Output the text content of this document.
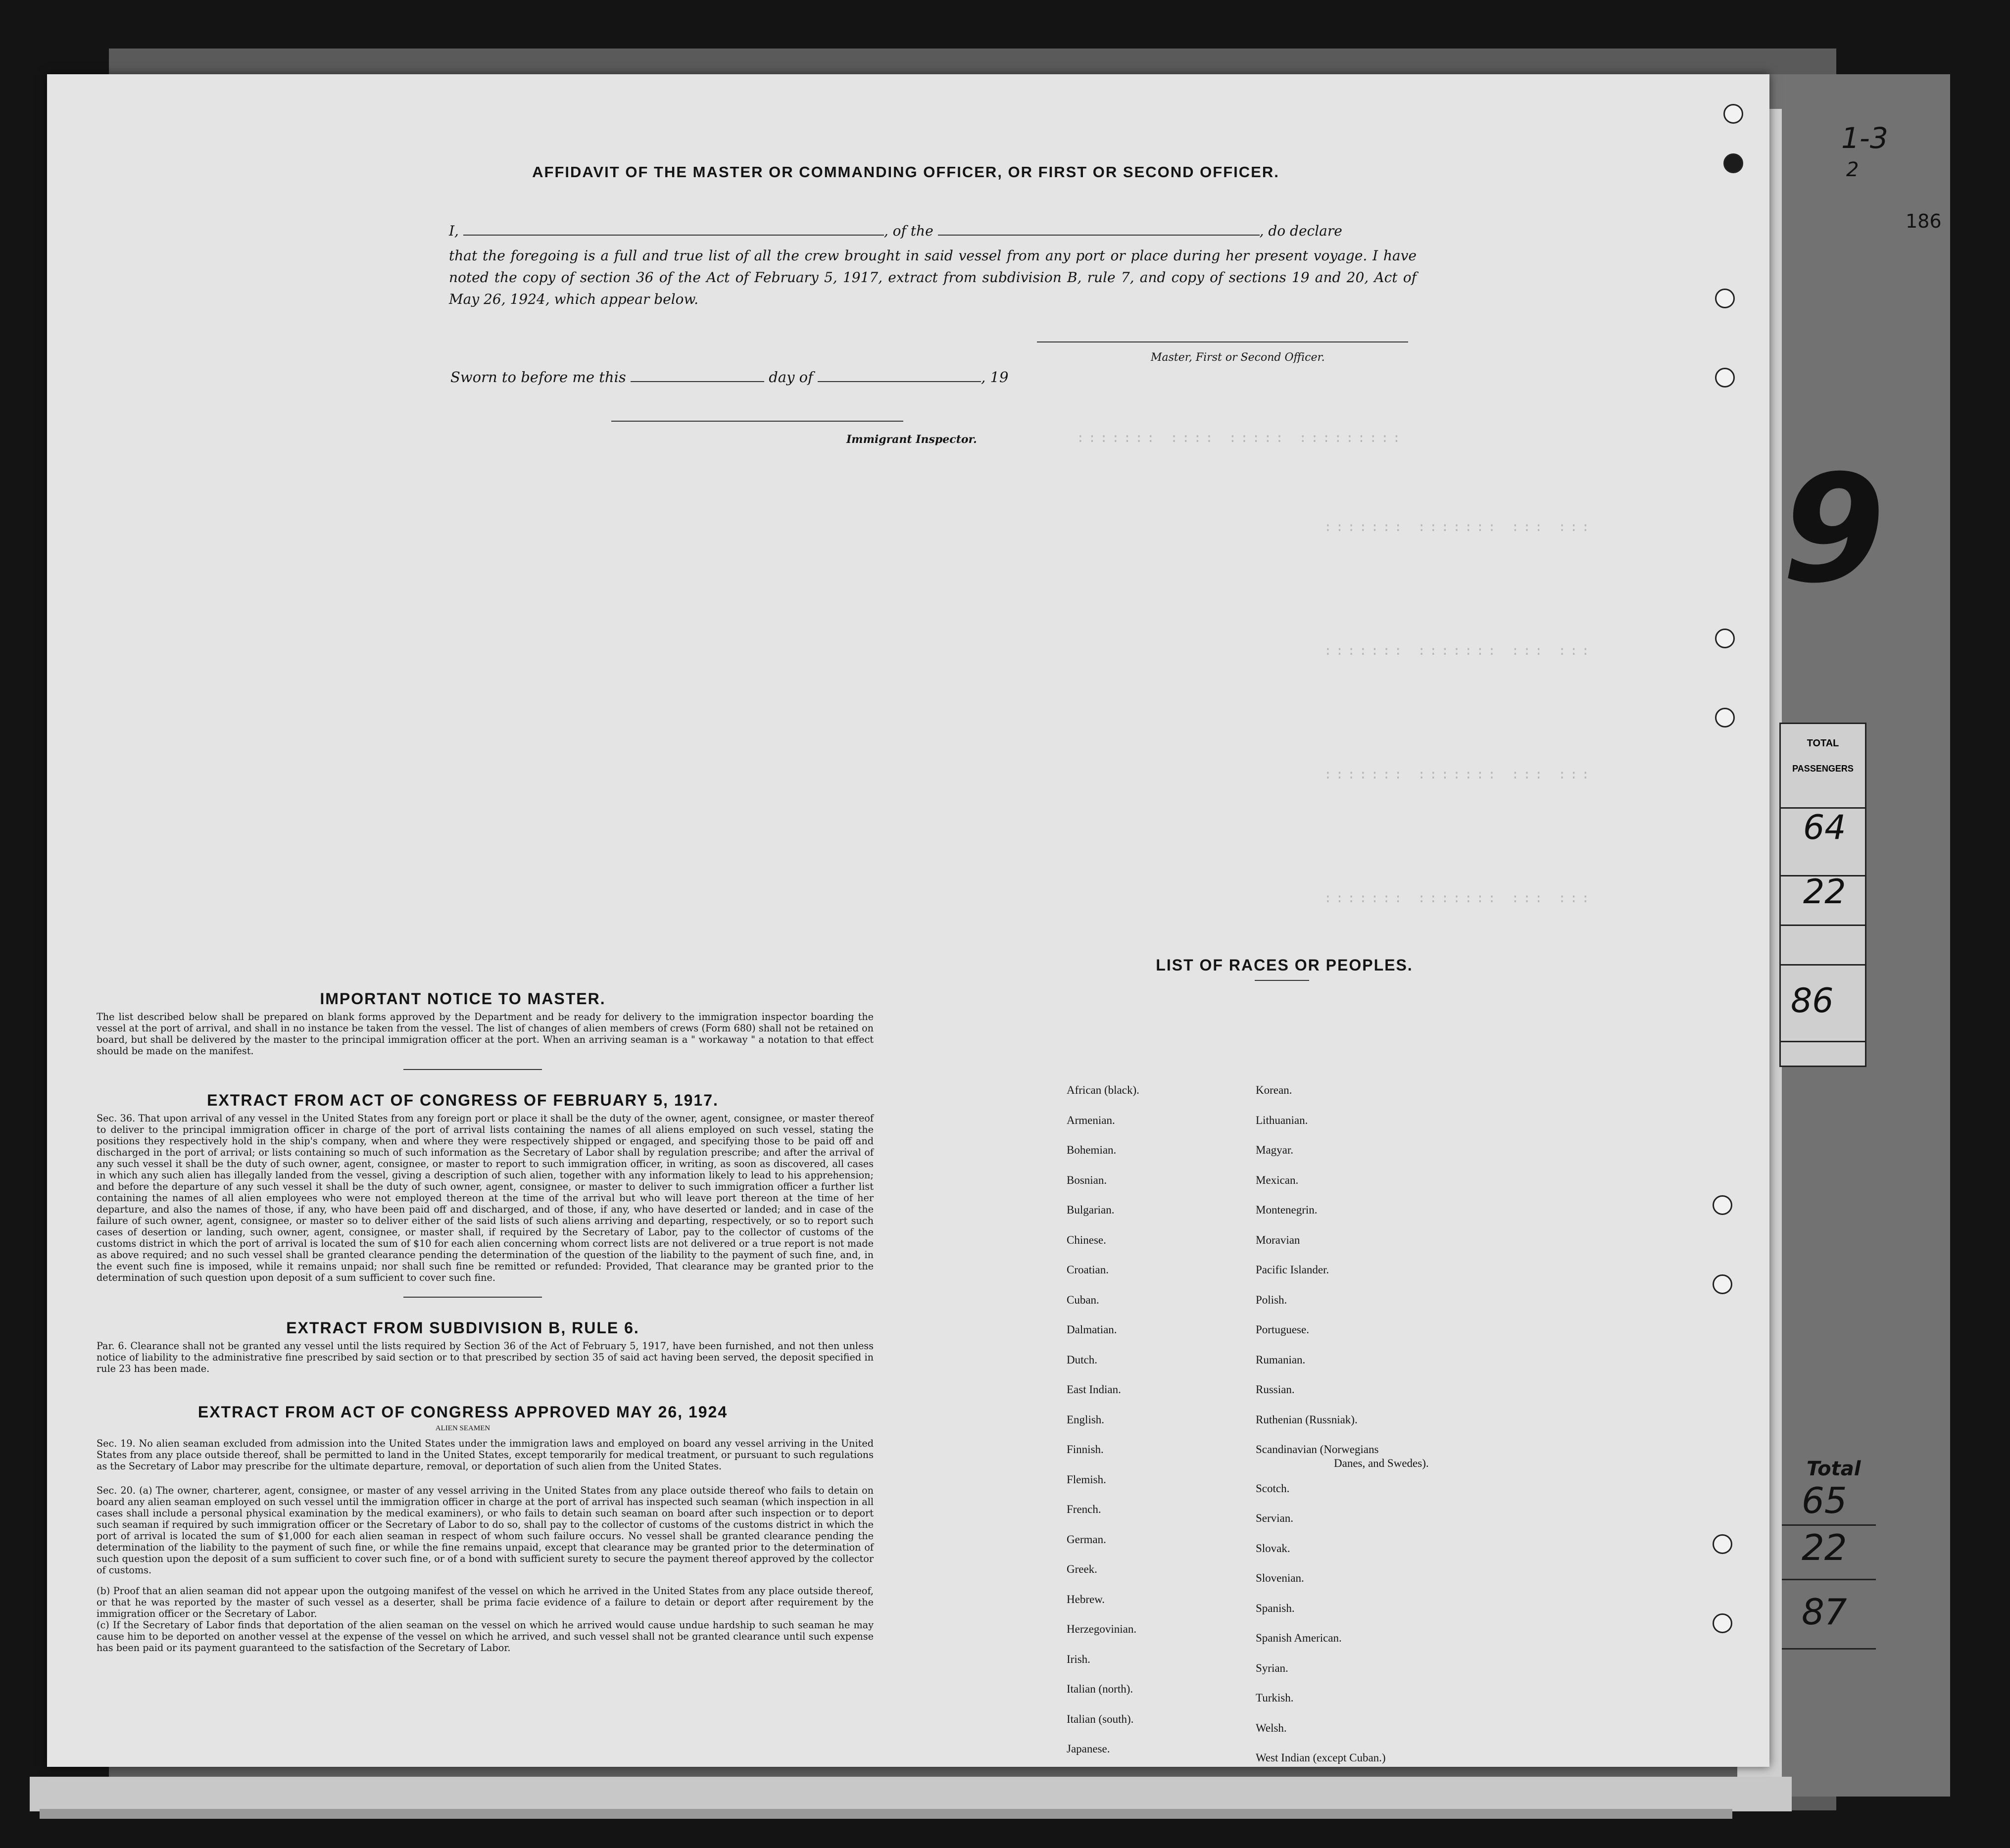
1-3
2
186
::::::: :::: ::::: :::::::::
::::::: ::::::: ::: :::
::::::: ::::::: ::: :::
::::::: ::::::: ::: :::
::::::: ::::::: ::: :::
AFFIDAVIT OF THE MASTER OR COMMANDING OFFICER, OR FIRST OR SECOND OFFICER.
I,	, of the	, do declare
that the foregoing is a full and true list of all the crew brought in said vessel from any port or place during her present voyage. I have noted the copy of section 36 of the Act of February 5, 1917, extract from subdivision B, rule 7, and copy of sections 19 and 20, Act of May 26, 1924, which appear below.
Master, First or Second Officer.
Sworn to before me this	day of	, 19
Immigrant Inspector.
IMPORTANT NOTICE TO MASTER.
The list described below shall be prepared on blank forms approved by the Department and be ready for delivery to the immigration inspector boarding the vessel at the port of arrival, and shall in no instance be taken from the vessel. The list of changes of alien members of crews (Form 680) shall not be retained on board, but shall be delivered by the master to the principal immigration officer at the port. When an arriving seaman is a " workaway " a notation to that effect should be made on the manifest.
EXTRACT FROM ACT OF CONGRESS OF FEBRUARY 5, 1917.
Sec. 36. That upon arrival of any vessel in the United States from any foreign port or place it shall be the duty of the owner, agent, consignee, or master thereof to deliver to the principal immigration officer in charge of the port of arrival lists containing the names of all aliens employed on such vessel, stating the positions they respectively hold in the ship's company, when and where they were respectively shipped or engaged, and specifying those to be paid off and discharged in the port of arrival; or lists containing so much of such information as the Secretary of Labor shall by regulation prescribe; and after the arrival of any such vessel it shall be the duty of such owner, agent, consignee, or master to report to such immigration officer, in writing, as soon as discovered, all cases in which any such alien has illegally landed from the vessel, giving a description of such alien, together with any information likely to lead to his apprehension; and before the departure of any such vessel it shall be the duty of such owner, agent, consignee, or master to deliver to such immigration officer a further list containing the names of all alien employees who were not employed thereon at the time of the arrival but who will leave port thereon at the time of her departure, and also the names of those, if any, who have been paid off and discharged, and of those, if any, who have deserted or landed; and in case of the failure of such owner, agent, consignee, or master so to deliver either of the said lists of such aliens arriving and departing, respectively, or so to report such cases of desertion or landing, such owner, agent, consignee, or master shall, if required by the Secretary of Labor, pay to the collector of customs of the customs district in which the port of arrival is located the sum of $10 for each alien concerning whom correct lists are not delivered or a true report is not made as above required; and no such vessel shall be granted clearance pending the determination of the question of the liability to the payment of such fine, and, in the event such fine is imposed, while it remains unpaid; nor shall such fine be remitted or refunded: Provided, That clearance may be granted prior to the determination of such question upon deposit of a sum sufficient to cover such fine.
EXTRACT FROM SUBDIVISION B, RULE 6.
Par. 6. Clearance shall not be granted any vessel until the lists required by Section 36 of the Act of February 5, 1917, have been furnished, and not then unless notice of liability to the administrative fine prescribed by said section or to that prescribed by section 35 of said act having been served, the deposit specified in rule 23 has been made.
EXTRACT FROM ACT OF CONGRESS APPROVED MAY 26, 1924
ALIEN SEAMEN
Sec. 19. No alien seaman excluded from admission into the United States under the immigration laws and employed on board any vessel arriving in the United States from any place outside thereof, shall be permitted to land in the United States, except temporarily for medical treatment, or pursuant to such regulations as the Secretary of Labor may prescribe for the ultimate departure, removal, or deportation of such alien from the United States.
Sec. 20. (a) The owner, charterer, agent, consignee, or master of any vessel arriving in the United States from any place outside thereof who fails to detain on board any alien seaman employed on such vessel until the immigration officer in charge at the port of arrival has inspected such seaman (which inspection in all cases shall include a personal physical examination by the medical examiners), or who fails to detain such seaman on board after such inspection or to deport such seaman if required by such immigration officer or the Secretary of Labor to do so, shall pay to the collector of customs of the customs district in which the port of arrival is located the sum of $1,000 for each alien seaman in respect of whom such failure occurs. No vessel shall be granted clearance pending the determination of the liability to the payment of such fine, or while the fine remains unpaid, except that clearance may be granted prior to the determination of such question upon the deposit of a sum sufficient to cover such fine, or of a bond with sufficient surety to secure the payment thereof approved by the collector of customs.
(b) Proof that an alien seaman did not appear upon the outgoing manifest of the vessel on which he arrived in the United States from any place outside thereof, or that he was reported by the master of such vessel as a deserter, shall be prima facie evidence of a failure to detain or deport after requirement by the immigration officer or the Secretary of Labor.
(c) If the Secretary of Labor finds that deportation of the alien seaman on the vessel on which he arrived would cause undue hardship to such seaman he may cause him to be deported on another vessel at the expense of the vessel on which he arrived, and such vessel shall not be granted clearance until such expense has been paid or its payment guaranteed to the satisfaction of the Secretary of Labor.
LIST OF RACES OR PEOPLES.
Danes, and Swedes).
African (black).
Armenian.
Bohemian.
Bosnian.
Bulgarian.
Chinese.
Croatian.
Cuban.
Dalmatian.
Dutch.
East Indian.
English.
Finnish.
Flemish.
French.
German.
Greek.
Hebrew.
Herzegovinian.
Irish.
Italian (north).
Italian (south).
Japanese.
Korean.
Lithuanian.
Magyar.
Mexican.
Montenegrin.
Moravian
Pacific Islander.
Polish.
Portuguese.
Rumanian.
Russian.
Ruthenian (Russniak).
Scandinavian (Norwegians
Scotch.
Servian.
Slovak.
Slovenian.
Spanish.
Spanish American.
Syrian.
Turkish.
Welsh.
West Indian (except Cuban.)
9
TOTAL
PASSENGERS
64
22
86
Total
65
22
87
